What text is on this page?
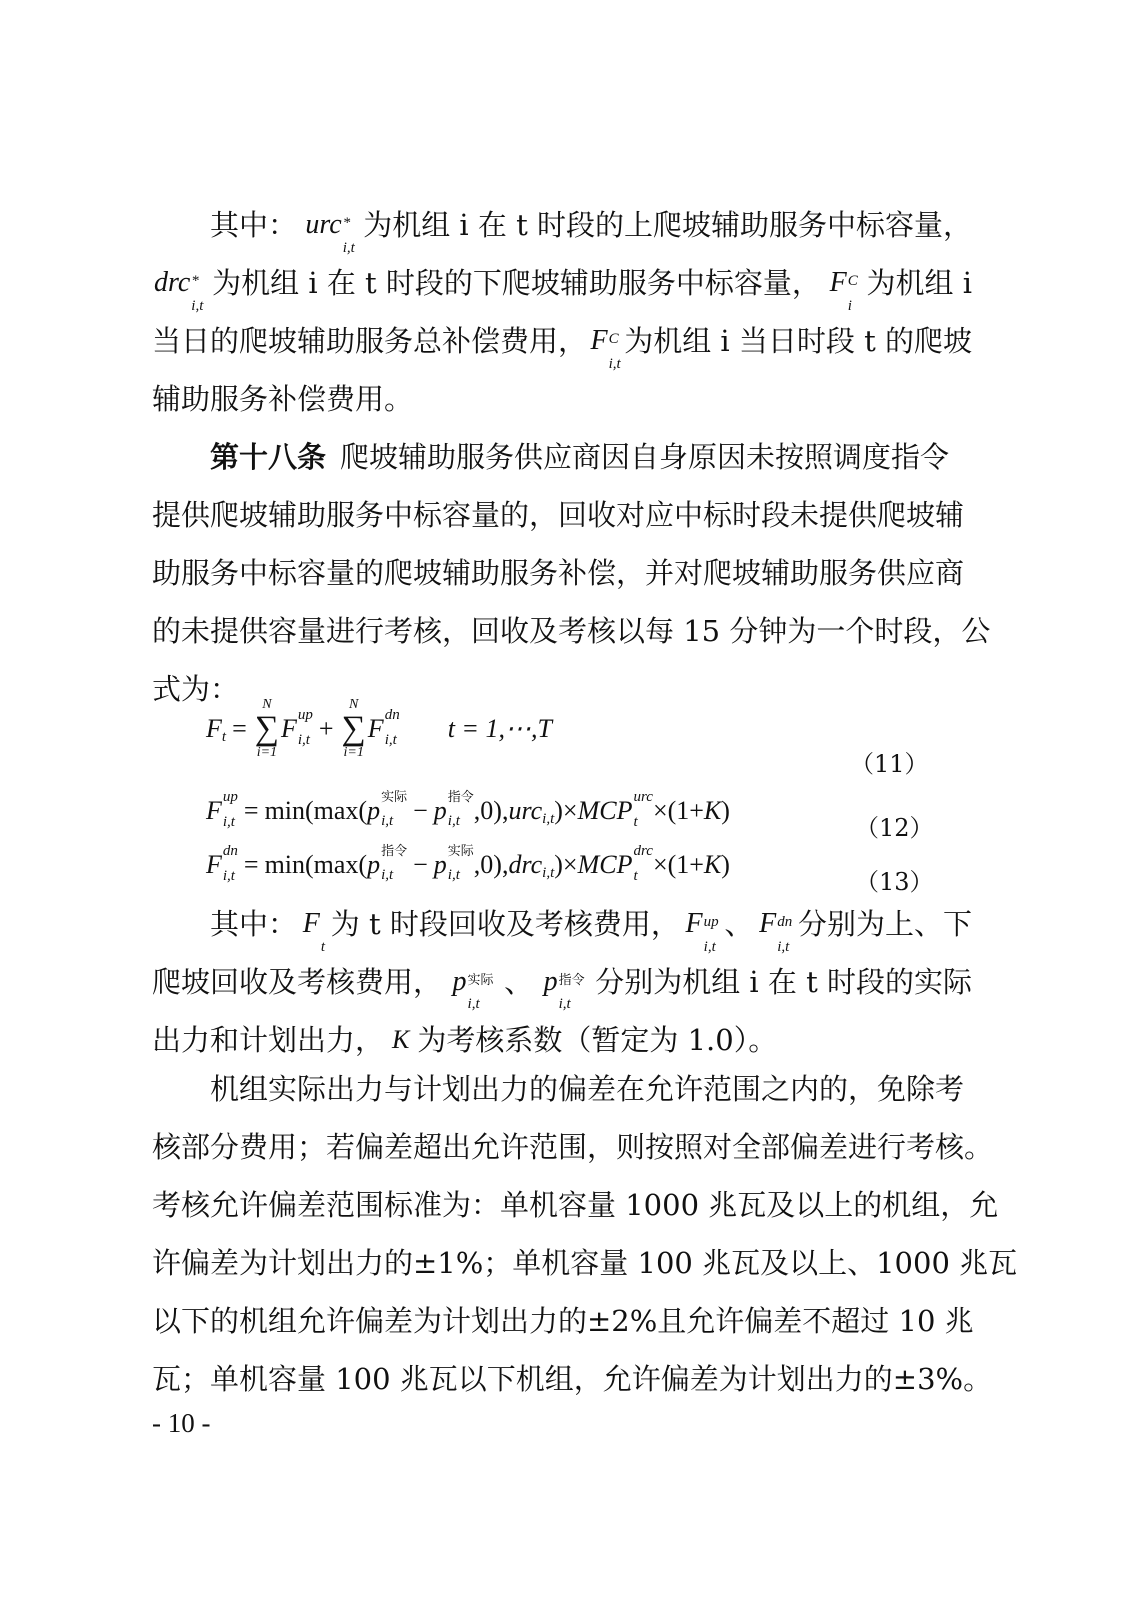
其中： urc *
i,t
为机组 i 在 t 时段的上爬坡辅助服务中标容量，
drc *
i,t
为机组 i 在 t 时段的下爬坡辅助服务中标容量， F C
i
为机组 i
当日的爬坡辅助服务总补偿费用， F C
i,t
为机组 i 当日时段 t 的爬坡
辅助服务补偿费用。
第十八条 爬坡辅助服务供应商因自身原因未按照调度指令
提供爬坡辅助服务中标容量的，回收对应中标时段未提供爬坡辅
助服务中标容量的爬坡辅助服务补偿，并对爬坡辅助服务供应商
的未提供容量进行考核，回收及考核以每 15 分钟为一个时段，公
式为：
F t =
N
∑
i=1
F up
i,t +
N
∑
i=1
F dn
i,t t = 1,⋯,T
（11）
F up
i,t = min(max( p 实际
i,t − p 指令
i,t ,0), urc i,t )× MCP urc
t ×(1+ K )
（12）
F dn
i,t = min(max( p 指令
i,t − p 实际
i,t ,0), drc i,t )× MCP drc
t ×(1+ K )
（13）
其中： F

t
为 t 时段回收及考核费用， F up
i,t
、 F dn
i,t
分别为上、下
爬坡回收及考核费用， p 实际
i,t
、 p 指令
i,t
分别为机组 i 在 t 时段的实际
出力和计划出力， K 为考核系数（暂定为 1.0）。
机组实际出力与计划出力的偏差在允许范围之内的，免除考
核部分费用；若偏差超出允许范围，则按照对全部偏差进行考核。
考核允许偏差范围标准为：单机容量 1000 兆瓦及以上的机组，允
许偏差为计划出力的±1%；单机容量 100 兆瓦及以上、1000 兆瓦
以下的机组允许偏差为计划出力的±2%且允许偏差不超过 10 兆
瓦；单机容量 100 兆瓦以下机组，允许偏差为计划出力的±3%。
- 10 -
